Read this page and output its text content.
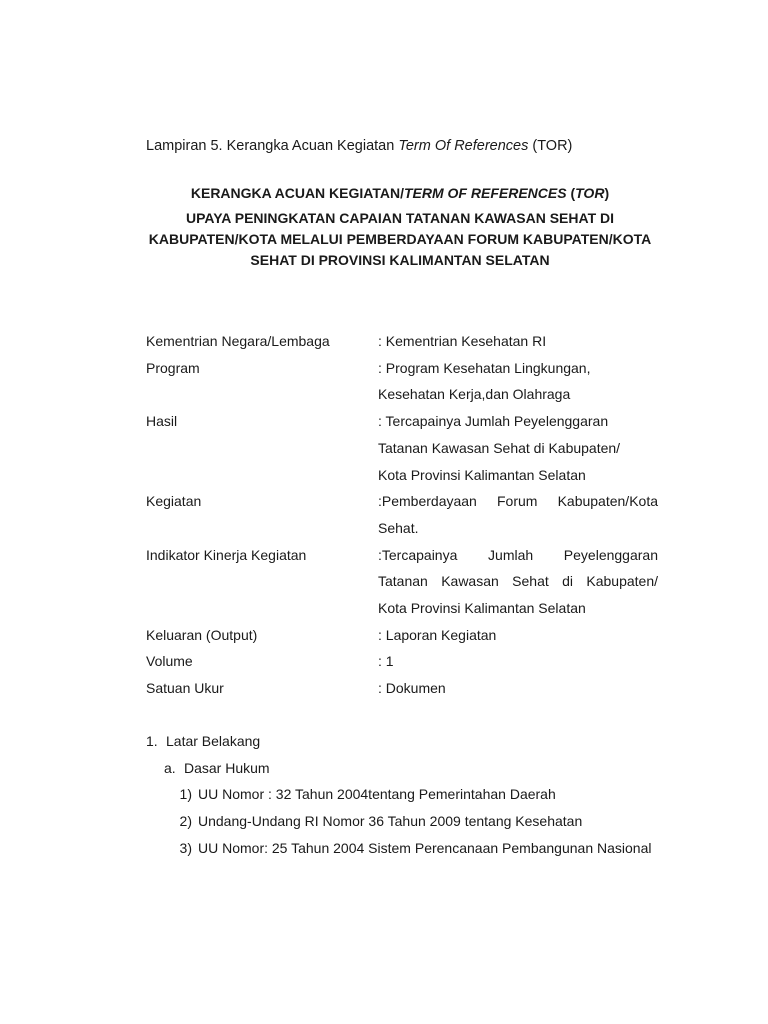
Lampiran 5. Kerangka Acuan Kegiatan Term Of References (TOR)
KERANGKA ACUAN KEGIATAN/TERM OF REFERENCES (TOR)
UPAYA PENINGKATAN CAPAIAN TATANAN KAWASAN SEHAT DI
KABUPATEN/KOTA MELALUI PEMBERDAYAAN FORUM KABUPATEN/KOTA
SEHAT DI PROVINSI KALIMANTAN SELATAN
Kementrian Negara/Lembaga	: Kementrian Kesehatan RI
Program	: Program Kesehatan Lingkungan,
Kesehatan Kerja,dan Olahraga
Hasil	: Tercapainya Jumlah Peyelenggaran
Tatanan Kawasan Sehat di Kabupaten/
Kota Provinsi Kalimantan Selatan
Kegiatan	:Pemberdayaan Forum Kabupaten/Kota
Sehat.
Indikator Kinerja Kegiatan	:Tercapainya Jumlah Peyelenggaran
Tatanan Kawasan Sehat di Kabupaten/
Kota Provinsi Kalimantan Selatan
Keluaran (Output)	: Laporan Kegiatan
Volume	: 1
Satuan Ukur	: Dokumen
1. Latar Belakang
a. Dasar Hukum
1) UU Nomor : 32 Tahun 2004tentang Pemerintahan Daerah
2) Undang-Undang RI Nomor 36 Tahun 2009 tentang Kesehatan
3) UU Nomor: 25 Tahun 2004 Sistem Perencanaan Pembangunan Nasional
